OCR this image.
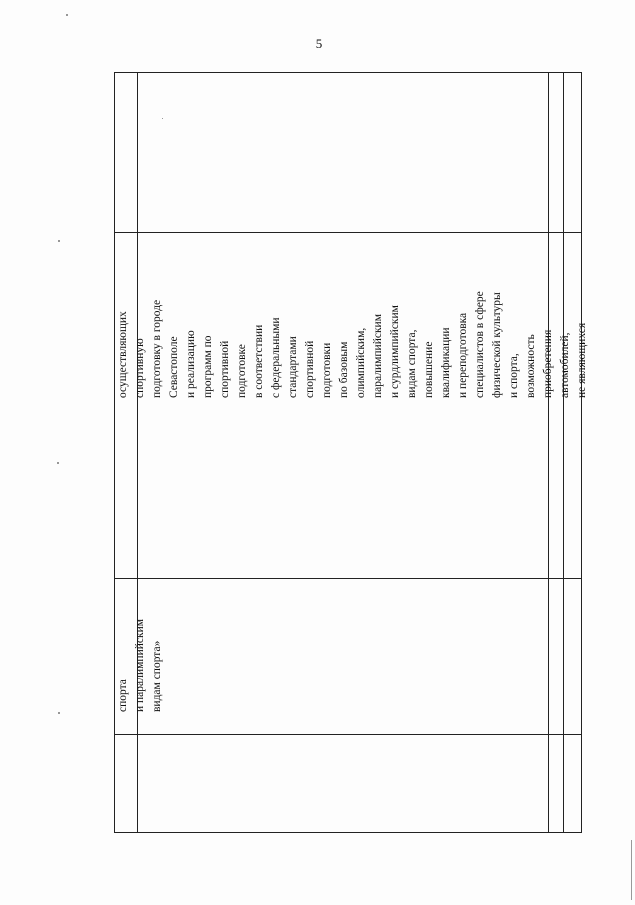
5
осуществляющих спортивную подготовку в городе Севастополе и реализацию программ по спортивной подготовке в соответствии с федеральными стандартами спортивной подготовки по базовым олимпийским, паралимпийским и сурдлимпийским видам спорта, повышение квалификации и переподготовка специалистов в сфере физической культуры и спорта, возможность приобретения автомобилей, не являющихся
спорта и паралимпийским видам спорта»
